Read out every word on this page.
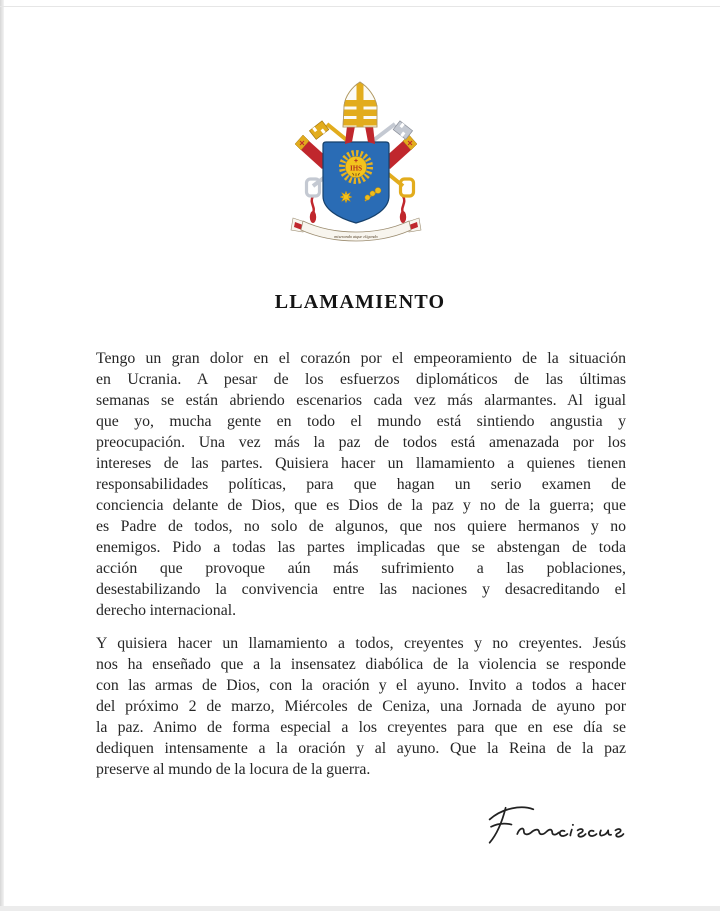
IHS
miserando atque eligendo
LLAMAMIENTO
Tengo un gran dolor en el corazón por el empeoramiento de la situación
en Ucrania. A pesar de los esfuerzos diplomáticos de las últimas
semanas se están abriendo escenarios cada vez más alarmantes. Al igual
que yo, mucha gente en todo el mundo está sintiendo angustia y
preocupación. Una vez más la paz de todos está amenazada por los
intereses de las partes. Quisiera hacer un llamamiento a quienes tienen
responsabilidades políticas, para que hagan un serio examen de
conciencia delante de Dios, que es Dios de la paz y no de la guerra; que
es Padre de todos, no solo de algunos, que nos quiere hermanos y no
enemigos. Pido a todas las partes implicadas que se abstengan de toda
acción que provoque aún más sufrimiento a las poblaciones,
desestabilizando la convivencia entre las naciones y desacreditando el
derecho internacional.
Y quisiera hacer un llamamiento a todos, creyentes y no creyentes. Jesús
nos ha enseñado que a la insensatez diabólica de la violencia se responde
con las armas de Dios, con la oración y el ayuno. Invito a todos a hacer
del próximo 2 de marzo, Miércoles de Ceniza, una Jornada de ayuno por
la paz. Animo de forma especial a los creyentes para que en ese día se
dediquen intensamente a la oración y al ayuno. Que la Reina de la paz
preserve al mundo de la locura de la guerra.
